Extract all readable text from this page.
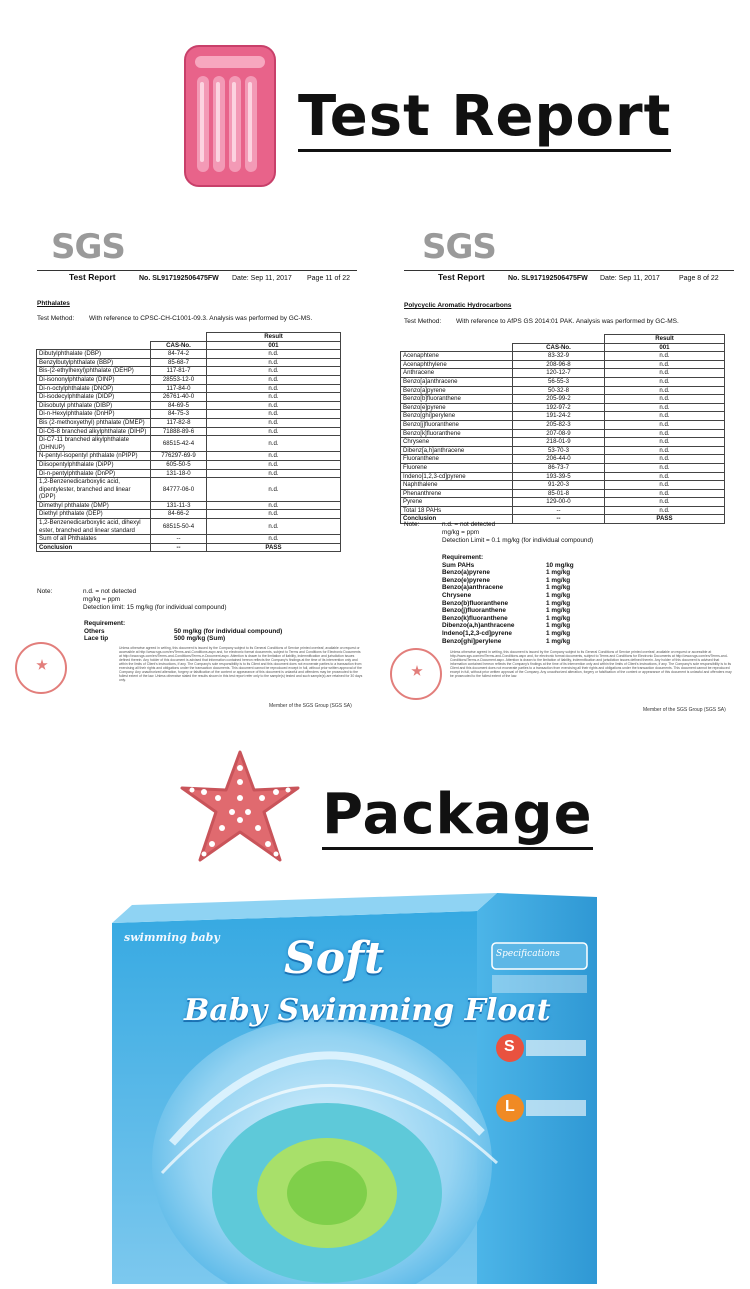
Test Report
SGS
Test Report	No. SL917192506475FW Date: Sep 11, 2017 Page 11 of 22
Phthalates
Test Method: With reference to CPSC-CH-C1001-09.3. Analysis was performed by GC-MS.
		Result
	CAS-No.	001
Dibutylphthalate (DBP)	84-74-2	n.d.
Benzylbutylphthalate (BBP)	85-68-7	n.d.
Bis-(2-ethylhexyl)phthalate (DEHP)	117-81-7	n.d.
Di-isononylphthalate (DINP)	28553-12-0	n.d.
Di-n-octylphthalate (DNOP)	117-84-0	n.d.
Di-isodecylphthalate (DIDP)	26761-40-0	n.d.
Diisobutyl phthalate (DIBP)	84-69-5	n.d.
Di-n-Hexylphthalate (DnHP)	84-75-3	n.d.
Bis (2-methoxyethyl) phthalate (DMEP)	117-82-8	n.d.
Di-C6-8 branched alkylphthalate (DIHP)	71888-89-6	n.d.
Di-C7-11 branched alkylphthalate (DHNUP)	68515-42-4	n.d.
N-pentyl-isopentyl phthalate (nPIPP)	776297-69-9	n.d.
Diisopentylphthalate (DiPP)	605-50-5	n.d.
Di-n-pentylphthalate (DnPP)	131-18-0	n.d.
1,2-Benzenedicarboxylic acid, dipentylester, branched and linear (DPP)	84777-06-0	n.d.
Dimethyl phthalate (DMP)	131-11-3	n.d.
Diethyl phthalate (DEP)	84-66-2	n.d.
1,2-Benzenedicarboxylic acid, dihexyl ester, branched and linear standard	68515-50-4	n.d.
Sum of all Phthalates	--	n.d.
Conclusion	--	PASS
Note:	n.d. = not detected
	mg/kg = ppm
	Detection limit: 15 mg/kg (for individual compound)
Requirement:
Others	50 mg/kg (for individual compound)
Lace tip	500 mg/kg (Sum)
Unless otherwise agreed in writing, this document is issued by the Company subject to its General Conditions of Service printed overleaf, available on request or accessible at http://www.sgs.com/en/Terms-and-Conditions.aspx and, for electronic format documents, subject to Terms and Conditions for Electronic Documents at http://www.sgs.com/en/Terms-and-Conditions/Terms-e-Document.aspx. Attention is drawn to the limitation of liability, indemnification and jurisdiction issues defined therein. Any holder of this document is advised that information contained hereon reflects the Company's findings at the time of its intervention only and within the limits of Client's instructions, if any. The Company's sole responsibility is to its Client and this document does not exonerate parties to a transaction from exercising all their rights and obligations under the transaction documents. This document cannot be reproduced except in full, without prior written approval of the Company. Any unauthorized alteration, forgery or falsification of the content or appearance of this document is unlawful and offenders may be prosecuted to the fullest extent of the law. Unless otherwise stated the results shown in this test report refer only to the sample(s) tested and such sample(s) are retained for 30 days only.
Member of the SGS Group (SGS SA)
SGS
Test Report	No. SL917192506475FW Date: Sep 11, 2017	Page 8 of 22
Polycyclic Aromatic Hydrocarbons
Test Method: With reference to AfPS GS 2014:01 PAK. Analysis was performed by GC-MS.
		Result
	CAS-No.	001
Acenaphtene	83-32-9	n.d.
Acenaphthylene	208-96-8	n.d.
Anthracene	120-12-7	n.d.
Benzo[a]anthracene	56-55-3	n.d.
Benzo[a]pyrene	50-32-8	n.d.
Benzo[b]fluoranthene	205-99-2	n.d.
Benzo[e]pyrene	192-97-2	n.d.
Benzo[ghi]perylene	191-24-2	n.d.
Benzo[j]fluoranthene	205-82-3	n.d.
Benzo[k]fluoranthene	207-08-9	n.d.
Chrysene	218-01-9	n.d.
Dibenz[a,h]anthracene	53-70-3	n.d.
Fluoranthene	206-44-0	n.d.
Fluorene	86-73-7	n.d.
Indeno[1,2,3-cd]pyrene	193-39-5	n.d.
Naphthalene	91-20-3	n.d.
Phenanthrene	85-01-8	n.d.
Pyrene	129-00-0	n.d.
Total 18 PAHs	--	n.d.
Conclusion	--	PASS
Note:	n.d. = not detected
	mg/kg = ppm
	Detection Limit = 0.1 mg/kg (for individual compound)
Requirement:
Sum PAHs	10 mg/kg
Benzo(a)pyrene	1 mg/kg
Benzo(e)pyrene	1 mg/kg
Benzo(a)anthracene	1 mg/kg
Chrysene	1 mg/kg
Benzo(b)fluoranthene	1 mg/kg
Benzo(j)fluoranthene	1 mg/kg
Benzo(k)fluoranthene	1 mg/kg
Dibenzo(a,h)anthracene	1 mg/kg
Indeno[1,2,3-cd]pyrene	1 mg/kg
Benzo[ghi]perylene	1 mg/kg
Unless otherwise agreed in writing, this document is issued by the Company subject to its General Conditions of Service printed overleaf, available on request or accessible at http://www.sgs.com/en/Terms-and-Conditions.aspx and, for electronic format documents, subject to Terms and Conditions for Electronic Documents at http://www.sgs.com/en/Terms-and-Conditions/Terms-e-Document.aspx. Attention is drawn to the limitation of liability, indemnification and jurisdiction issues defined therein. Any holder of this document is advised that information contained hereon reflects the Company's findings at the time of its intervention only and within the limits of Client's instructions, if any. The Company's sole responsibility is to its Client and this document does not exonerate parties to a transaction from exercising all their rights and obligations under the transaction documents. This document cannot be reproduced except in full, without prior written approval of the Company. Any unauthorized alteration, forgery or falsification of the content or appearance of this document is unlawful and offenders may be prosecuted to the fullest extent of the law.
Member of the SGS Group (SGS SA)
Package
swimming baby Soft
Baby Swimming Float
Specifications
S
L
